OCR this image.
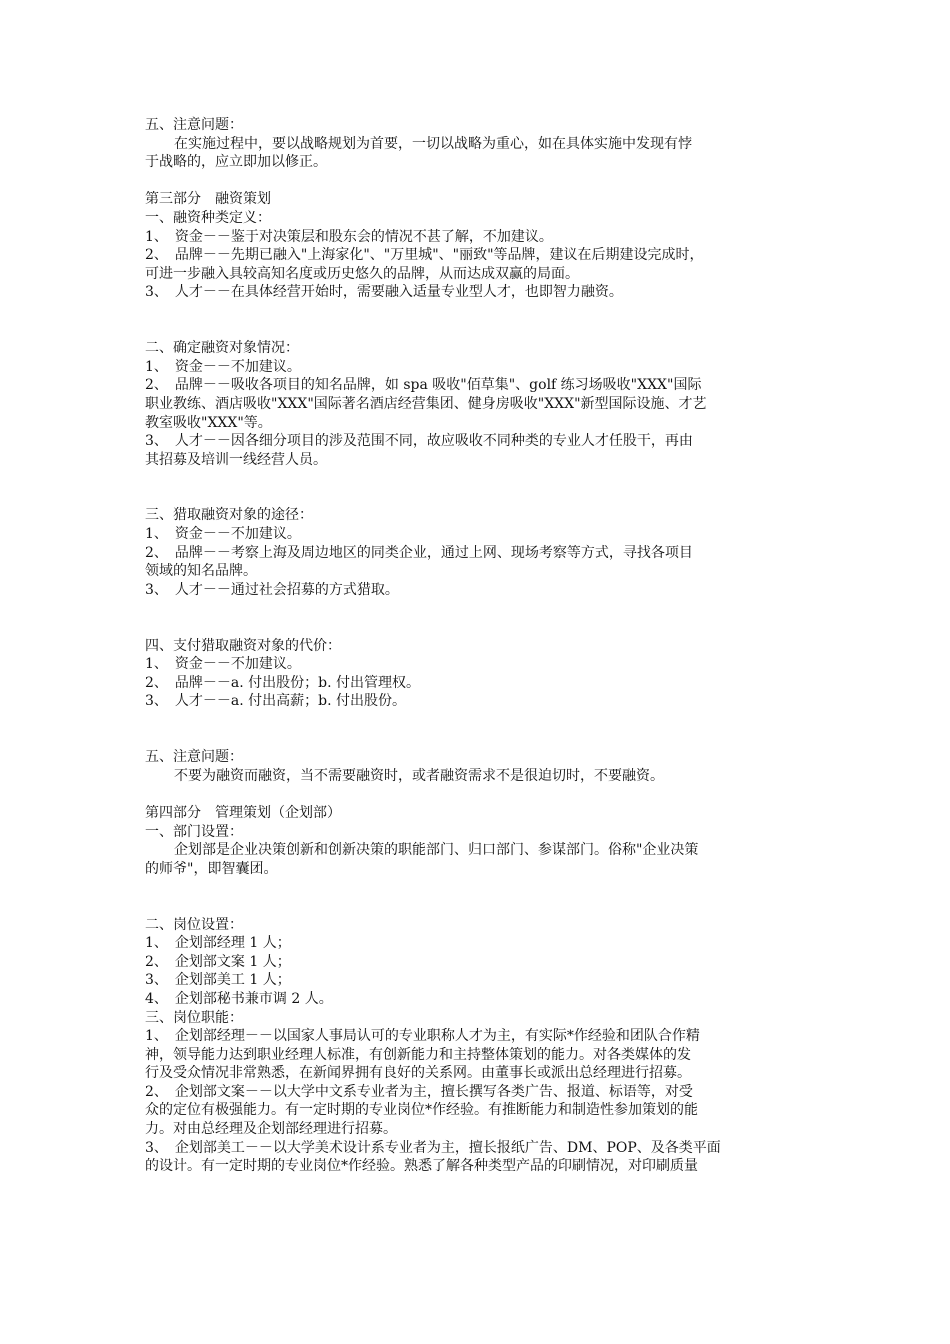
五、注意问题：
在实施过程中，要以战略规划为首要，一切以战略为重心，如在具体实施中发现有悖
于战略的，应立即加以修正。
第三部分　融资策划
一、融资种类定义：
1、　资金－－鉴于对决策层和股东会的情况不甚了解，不加建议。
2、　品牌－－先期已融入"上海家化"、"万里城"、"丽致"等品牌，建议在后期建设完成时，
可进一步融入具较高知名度或历史悠久的品牌，从而达成双赢的局面。
3、　人才－－在具体经营开始时，需要融入适量专业型人才，也即智力融资。
二、确定融资对象情况：
1、　资金－－不加建议。
2、　品牌－－吸收各项目的知名品牌，如 spa 吸收"佰草集"、golf 练习场吸收"XXX"国际
职业教练、酒店吸收"XXX"国际著名酒店经营集团、健身房吸收"XXX"新型国际设施、才艺
教室吸收"XXX"等。
3、　人才－－因各细分项目的涉及范围不同，故应吸收不同种类的专业人才任股干，再由
其招募及培训一线经营人员。
三、猎取融资对象的途径：
1、　资金－－不加建议。
2、　品牌－－考察上海及周边地区的同类企业，通过上网、现场考察等方式，寻找各项目
领域的知名品牌。
3、　人才－－通过社会招募的方式猎取。
四、支付猎取融资对象的代价：
1、　资金－－不加建议。
2、　品牌－－a. 付出股份；b. 付出管理权。
3、　人才－－a. 付出高薪；b. 付出股份。
五、注意问题：
不要为融资而融资，当不需要融资时，或者融资需求不是很迫切时，不要融资。
第四部分　管理策划（企划部）
一、部门设置：
企划部是企业决策创新和创新决策的职能部门、归口部门、参谋部门。俗称"企业决策
的师爷"，即智囊团。
二、岗位设置：
1、　企划部经理 1 人；
2、　企划部文案 1 人；
3、　企划部美工 1 人；
4、　企划部秘书兼市调 2 人。
三、岗位职能：
1、　企划部经理－－以国家人事局认可的专业职称人才为主，有实际*作经验和团队合作精
神，领导能力达到职业经理人标准，有创新能力和主持整体策划的能力。对各类媒体的发
行及受众情况非常熟悉，在新闻界拥有良好的关系网。由董事长或派出总经理进行招募。
2、　企划部文案－－以大学中文系专业者为主，擅长撰写各类广告、报道、标语等，对受
众的定位有极强能力。有一定时期的专业岗位*作经验。有推断能力和制造性参加策划的能
力。对由总经理及企划部经理进行招募。
3、　企划部美工－－以大学美术设计系专业者为主，擅长报纸广告、DM、POP、及各类平面
的设计。有一定时期的专业岗位*作经验。熟悉了解各种类型产品的印刷情况，对印刷质量
